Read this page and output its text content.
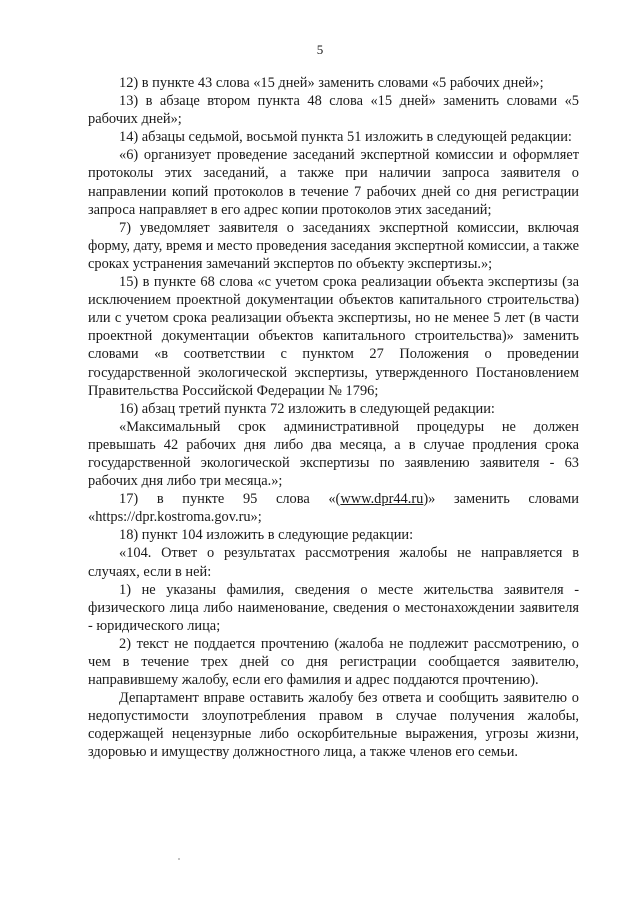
5

12) в пункте 43 слова «15 дней» заменить словами «5 рабочих дней»;

13) в абзаце втором пункта 48 слова «15 дней» заменить словами «5 рабочих дней»;

14) абзацы седьмой, восьмой пункта 51 изложить в следующей редакции:

«6) организует проведение заседаний экспертной комиссии и оформляет протоколы этих заседаний, а также при наличии запроса заявителя о направлении копий протоколов в течение 7 рабочих дней со дня регистрации запроса направляет в его адрес копии протоколов этих заседаний;

7) уведомляет заявителя о заседаниях экспертной комиссии, включая форму, дату, время и место проведения заседания экспертной комиссии, а также сроках устранения замечаний экспертов по объекту экспертизы.»;

15) в пункте 68 слова «с учетом срока реализации объекта экспертизы (за исключением проектной документации объектов капитального строительства) или с учетом срока реализации объекта экспертизы, но не менее 5 лет (в части проектной документации объектов капитального строительства)» заменить словами «в соответствии с пунктом 27 Положения о проведении государственной экологической экспертизы, утвержденного Постановлением Правительства Российской Федерации № 1796;

16) абзац третий пункта 72 изложить в следующей редакции:

«Максимальный срок административной процедуры не должен превышать 42 рабочих дня либо два месяца, а в случае продления срока государственной экологической экспертизы по заявлению заявителя - 63 рабочих дня либо три месяца.»;

17) в пункте 95 слова «(www.dpr44.ru)» заменить словами «https://dpr.kostroma.gov.ru»;

18) пункт 104 изложить в следующие редакции:

«104. Ответ о результатах рассмотрения жалобы не направляется в случаях, если в ней:

1) не указаны фамилия, сведения о месте жительства заявителя - физического лица либо наименование, сведения о местонахождении заявителя - юридического лица;

2) текст не поддается прочтению (жалоба не подлежит рассмотрению, о чем в течение трех дней со дня регистрации сообщается заявителю, направившему жалобу, если его фамилия и адрес поддаются прочтению).

Департамент вправе оставить жалобу без ответа и сообщить заявителю о недопустимости злоупотребления правом в случае получения жалобы, содержащей нецензурные либо оскорбительные выражения, угрозы жизни, здоровью и имуществу должностного лица, а также членов его семьи.
